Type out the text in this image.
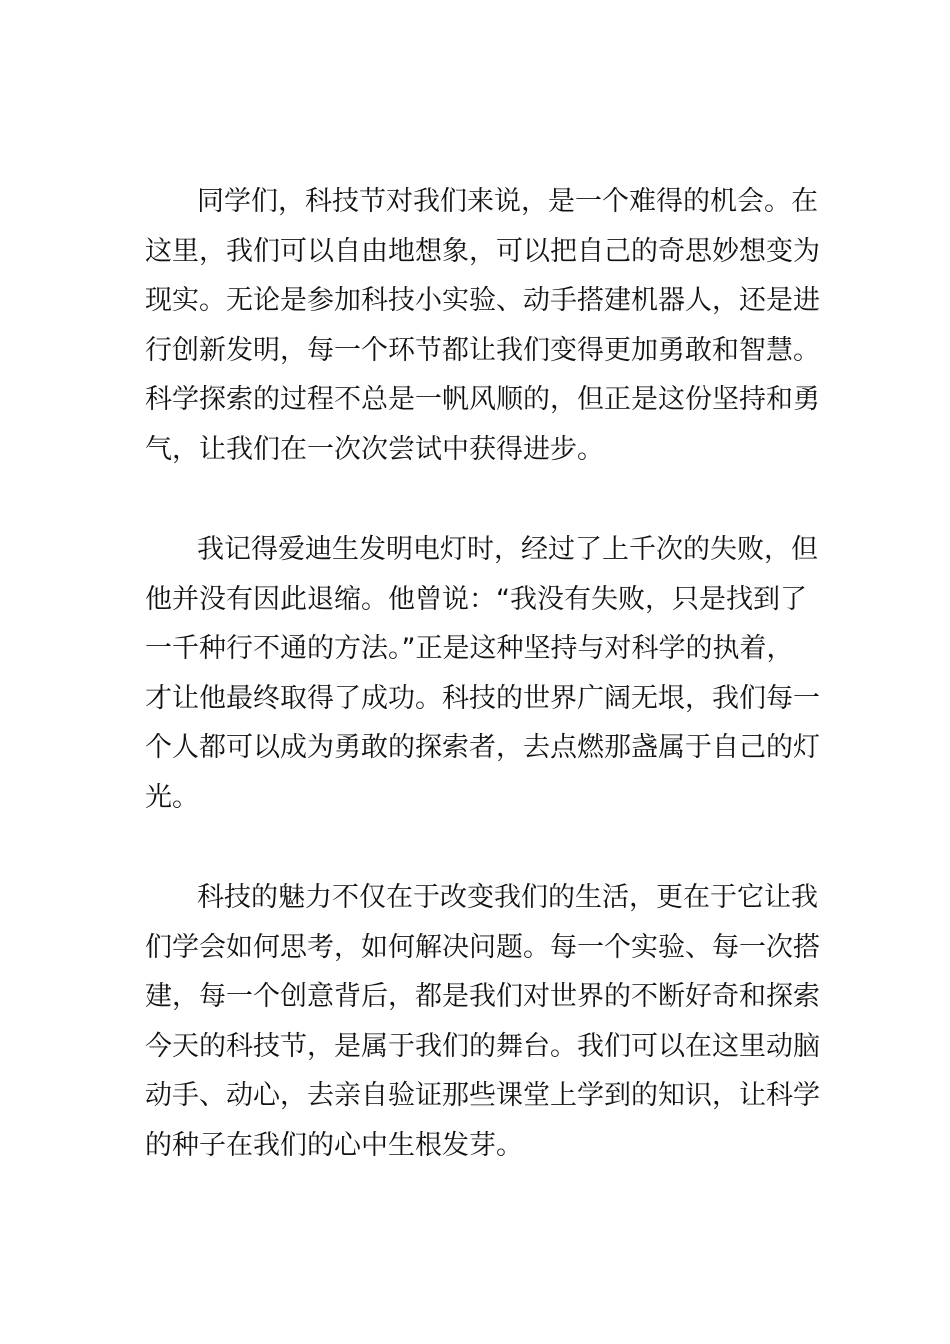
同学们，科技节对我们来说，是一个难得的机会。在
这里，我们可以自由地想象，可以把自己的奇思妙想变为
现实。无论是参加科技小实验、动手搭建机器人，还是进
行创新发明，每一个环节都让我们变得更加勇敢和智慧。
科学探索的过程不总是一帆风顺的，但正是这份坚持和勇
气，让我们在一次次尝试中获得进步。
我记得爱迪生发明电灯时，经过了上千次的失败，但
他并没有因此退缩。他曾说：“我没有失败，只是找到了
一千种行不通的方法。”正是这种坚持与对科学的执着，
才让他最终取得了成功。科技的世界广阔无垠，我们每一
个人都可以成为勇敢的探索者，去点燃那盏属于自己的灯
光。
科技的魅力不仅在于改变我们的生活，更在于它让我
们学会如何思考，如何解决问题。每一个实验、每一次搭
建，每一个创意背后，都是我们对世界的不断好奇和探索
今天的科技节，是属于我们的舞台。我们可以在这里动脑
动手、动心，去亲自验证那些课堂上学到的知识，让科学
的种子在我们的心中生根发芽。
